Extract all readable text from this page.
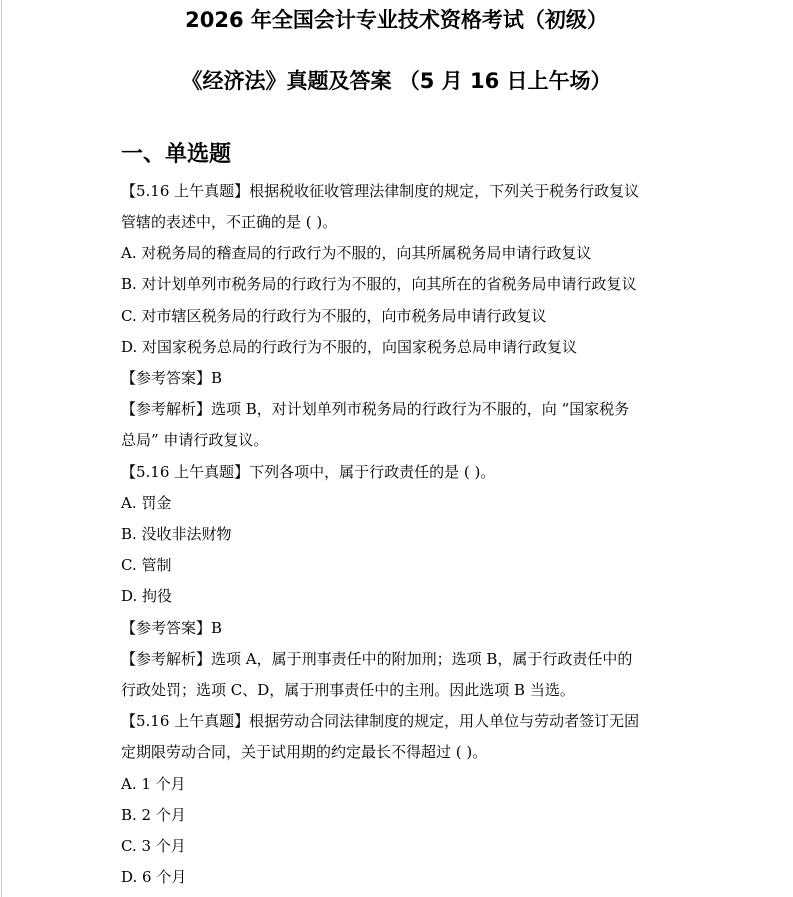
2026 年全国会计专业技术资格考试（初级）
《经济法》真题及答案 （5 月 16 日上午场）
一、单选题
【5.16 上午真题】根据税收征收管理法律制度的规定，下列关于税务行政复议
管辖的表述中，不正确的是 ( )。
A. 对税务局的稽查局的行政行为不服的，向其所属税务局申请行政复议
B. 对计划单列市税务局的行政行为不服的，向其所在的省税务局申请行政复议
C. 对市辖区税务局的行政行为不服的，向市税务局申请行政复议
D. 对国家税务总局的行政行为不服的，向国家税务总局申请行政复议
【参考答案】B
【参考解析】选项 B，对计划单列市税务局的行政行为不服的，向 “国家税务
总局” 申请行政复议。
【5.16 上午真题】下列各项中，属于行政责任的是 ( )。
A. 罚金
B. 没收非法财物
C. 管制
D. 拘役
【参考答案】B
【参考解析】选项 A，属于刑事责任中的附加刑；选项 B，属于行政责任中的
行政处罚；选项 C、D，属于刑事责任中的主刑。因此选项 B 当选。
【5.16 上午真题】根据劳动合同法律制度的规定，用人单位与劳动者签订无固
定期限劳动合同，关于试用期的约定最长不得超过 ( )。
A. 1 个月
B. 2 个月
C. 3 个月
D. 6 个月
